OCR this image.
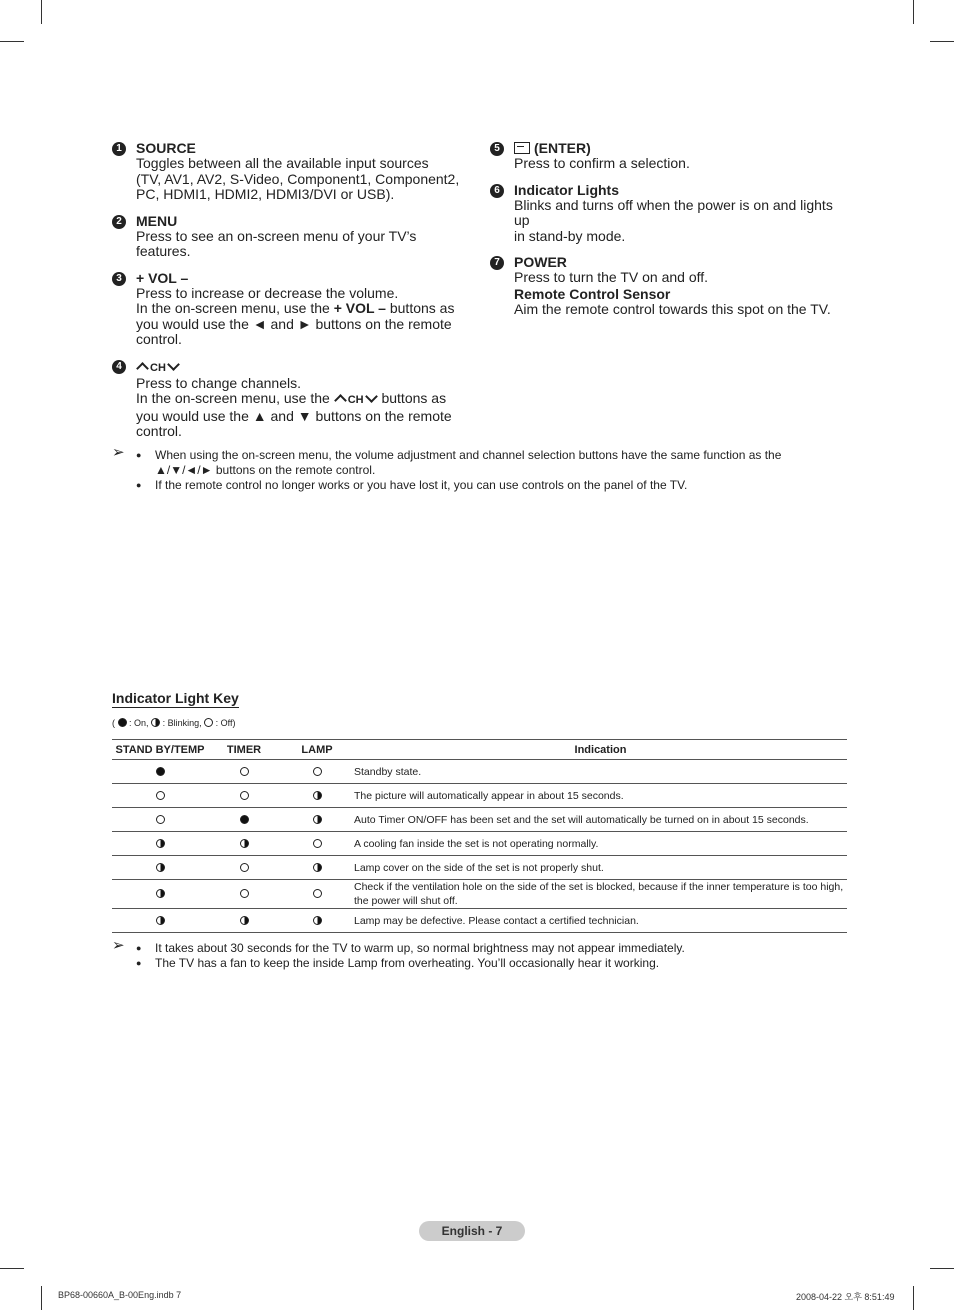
1	SOURCE
Toggles between all the available input sources
(TV, AV1, AV2, S-Video, Component1, Component2,
PC, HDMI1, HDMI2, HDMI3/DVI or USB).
2	MENU
Press to see an on-screen menu of your TV’s features.
3	+ VOL –
Press to increase or decrease the volume.
In the on-screen menu, use the + VOL – buttons as
you would use the ◄ and ► buttons on the remote
control.
4	CH
Press to change channels.
In the on-screen menu, use the CH buttons as
you would use the ▲ and ▼ buttons on the remote
control.
5	(ENTER)
Press to confirm a selection.
6	Indicator Lights
Blinks and turns off when the power is on and lights up
in stand-by mode.
7	POWER
Press to turn the TV on and off.
Remote Control Sensor
Aim the remote control towards this spot on the TV.
➢	● When using the on-screen menu, the volume adjustment and channel selection buttons have the same function as the
▲/▼/◄/► buttons on the remote control.
● If the remote control no longer works or you have lost it, you can use controls on the panel of the TV.
Indicator Light Key
( : On, : Blinking, : Off)
STAND BY/TEMP	TIMER	LAMP	Indication
			Standby state.
			The picture will automatically appear in about 15 seconds.
			Auto Timer ON/OFF has been set and the set will automatically be turned on in about 15 seconds.
			A cooling fan inside the set is not operating normally.
			Lamp cover on the side of the set is not properly shut.
			Check if the ventilation hole on the side of the set is blocked, because if the inner temperature is too high, the power will shut off.
			Lamp may be defective. Please contact a certified technician.
➢	● It takes about 30 seconds for the TV to warm up, so normal brightness may not appear immediately.
● The TV has a fan to keep the inside Lamp from overheating. You’ll occasionally hear it working.
English - 7
BP68-00660A_B-00Eng.indb 7	2008-04-22 오후 8:51:49
